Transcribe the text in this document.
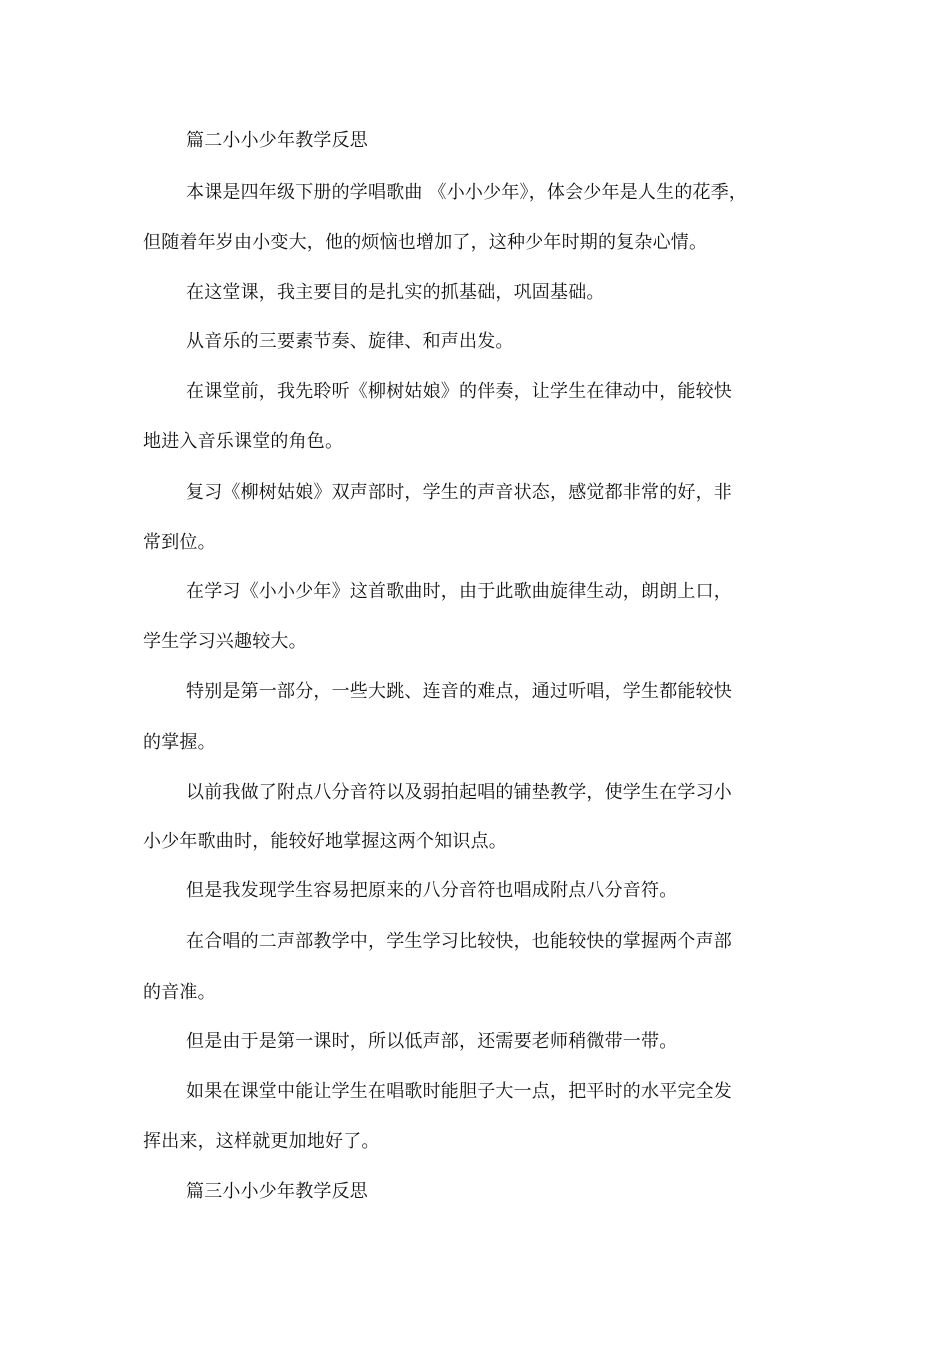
篇二小小少年教学反思
本课是四年级下册的学唱歌曲 《小小少年》，体会少年是人生的花季，
但随着年岁由小变大，他的烦恼也增加了，这种少年时期的复杂心情。
在这堂课，我主要目的是扎实的抓基础，巩固基础。
从音乐的三要素节奏、旋律、和声出发。
在课堂前，我先聆听《柳树姑娘》的伴奏，让学生在律动中，能较快
地进入音乐课堂的角色。
复习《柳树姑娘》双声部时，学生的声音状态，感觉都非常的好，非
常到位。
在学习《小小少年》这首歌曲时，由于此歌曲旋律生动，朗朗上口，
学生学习兴趣较大。
特别是第一部分，一些大跳、连音的难点，通过听唱，学生都能较快
的掌握。
以前我做了附点八分音符以及弱拍起唱的铺垫教学，使学生在学习小
小少年歌曲时，能较好地掌握这两个知识点。
但是我发现学生容易把原来的八分音符也唱成附点八分音符。
在合唱的二声部教学中，学生学习比较快，也能较快的掌握两个声部
的音准。
但是由于是第一课时，所以低声部，还需要老师稍微带一带。
如果在课堂中能让学生在唱歌时能胆子大一点，把平时的水平完全发
挥出来，这样就更加地好了。
篇三小小少年教学反思
